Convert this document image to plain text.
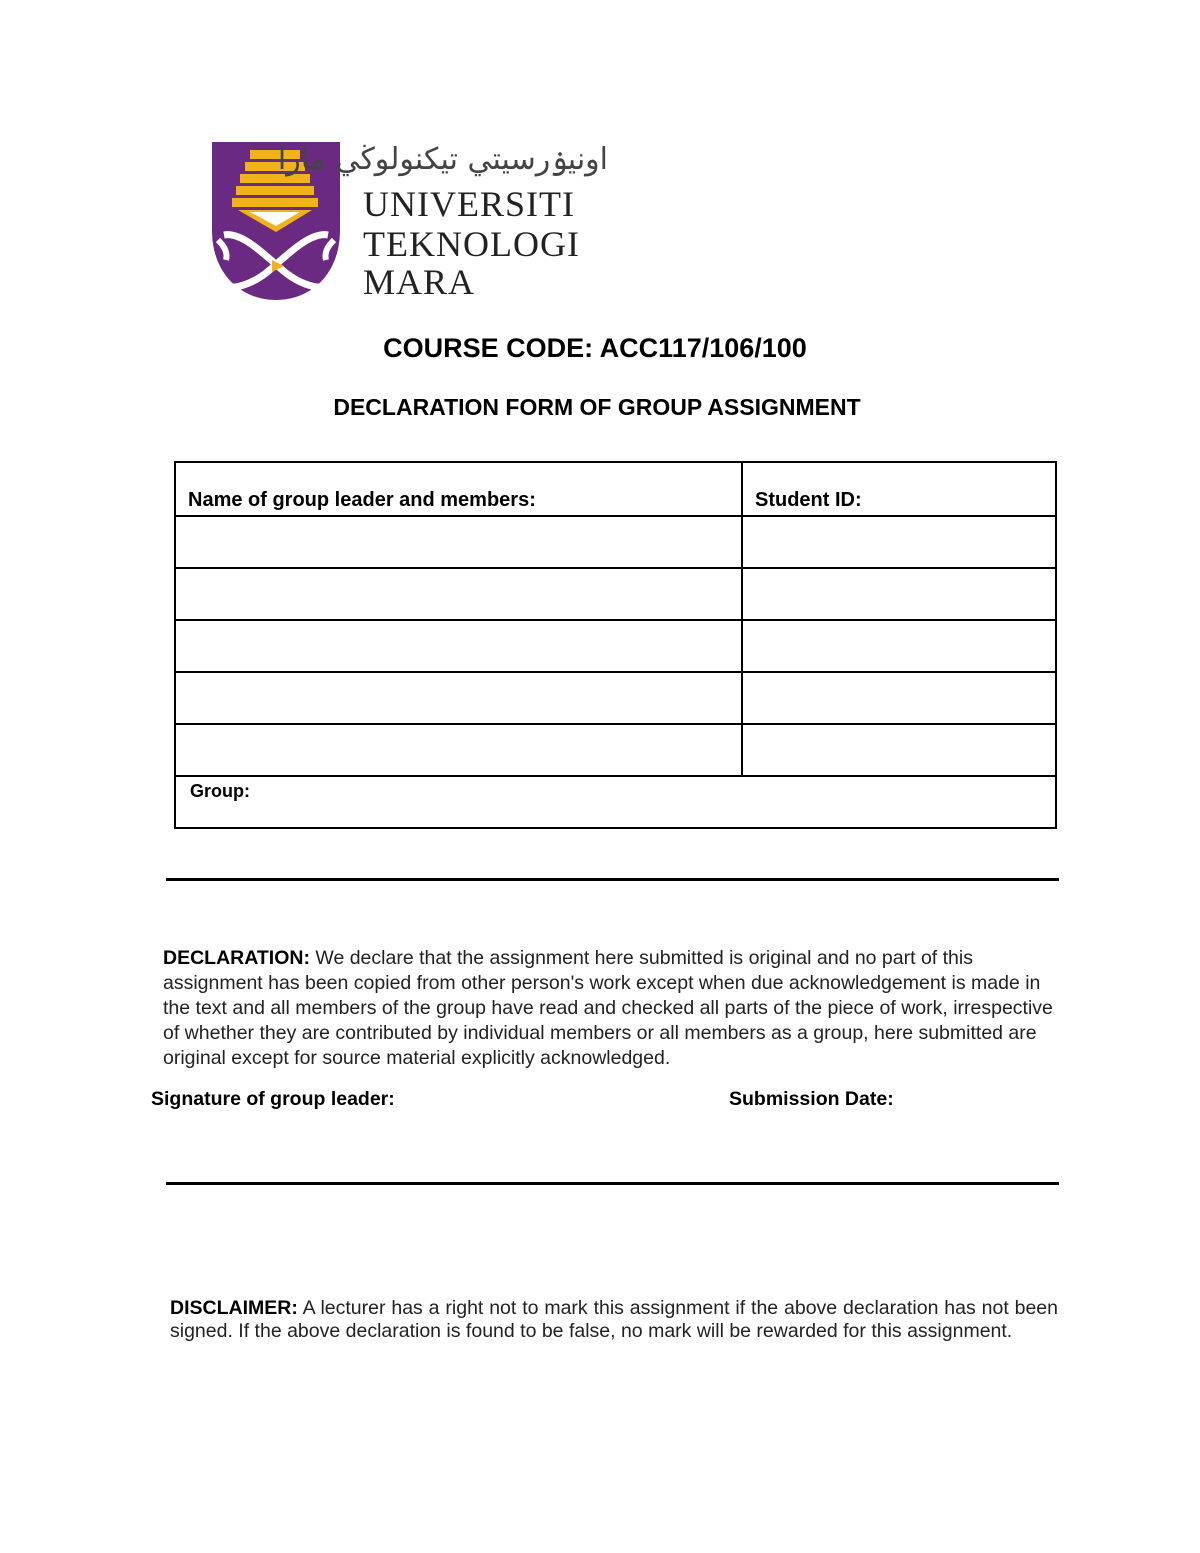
اونيۏرسيتي تيكنولوڬي مارا
UNIVERSITI
TEKNOLOGI
MARA
COURSE CODE: ACC117/106/100
DECLARATION FORM OF GROUP ASSIGNMENT
Name of group leader and members:	Student ID:

Group:	

DECLARATION: We declare that the assignment here submitted is original and no part of this assignment has been copied from other person's work except when due acknowledgement is made in the text and all members of the group have read and checked all parts of the piece of work, irrespective of whether they are contributed by individual members or all members as a group, here submitted are original except for source material explicitly acknowledged.

Signature of group leader:	Submission Date:

DISCLAIMER: A lecturer has a right not to mark this assignment if the above declaration has not been signed. If the above declaration is found to be false, no mark will be rewarded for this assignment.
